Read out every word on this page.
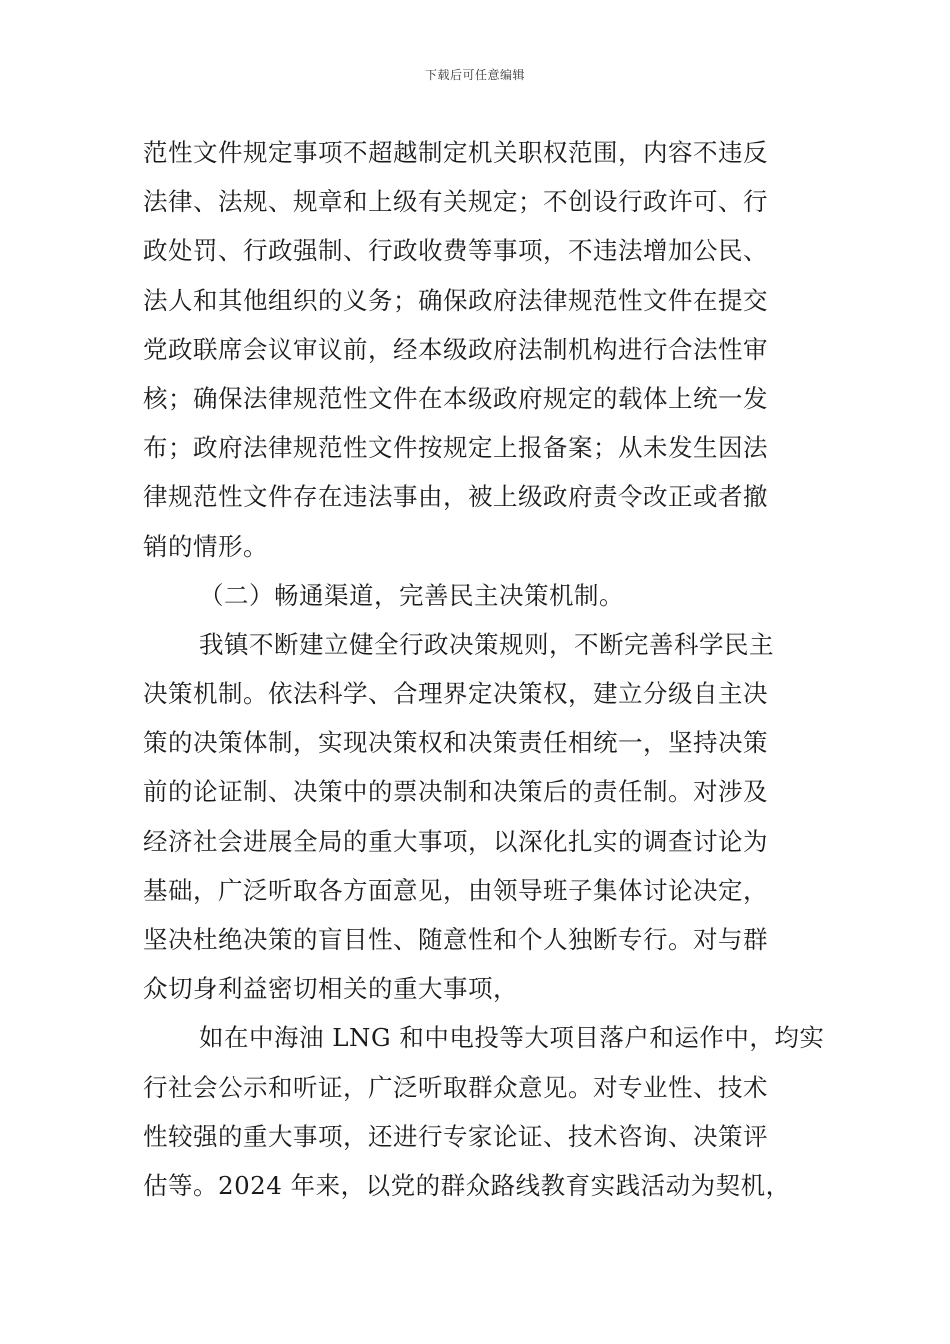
下载后可任意编辑
范性文件规定事项不超越制定机关职权范围，内容不违反
法律、法规、规章和上级有关规定；不创设行政许可、行
政处罚、行政强制、行政收费等事项，不违法增加公民、
法人和其他组织的义务；确保政府法律规范性文件在提交
党政联席会议审议前，经本级政府法制机构进行合法性审
核；确保法律规范性文件在本级政府规定的载体上统一发
布；政府法律规范性文件按规定上报备案；从未发生因法
律规范性文件存在违法事由，被上级政府责令改正或者撤
销的情形。
（二）畅通渠道，完善民主决策机制。
我镇不断建立健全行政决策规则，不断完善科学民主
决策机制。依法科学、合理界定决策权，建立分级自主决
策的决策体制，实现决策权和决策责任相统一，坚持决策
前的论证制、决策中的票决制和决策后的责任制。对涉及
经济社会进展全局的重大事项，以深化扎实的调查讨论为
基础，广泛听取各方面意见，由领导班子集体讨论决定，
坚决杜绝决策的盲目性、随意性和个人独断专行。对与群
众切身利益密切相关的重大事项，
如在中海油 LNG 和中电投等大项目落户和运作中，均实
行社会公示和听证，广泛听取群众意见。对专业性、技术
性较强的重大事项，还进行专家论证、技术咨询、决策评
估等。2024 年来，以党的群众路线教育实践活动为契机，
